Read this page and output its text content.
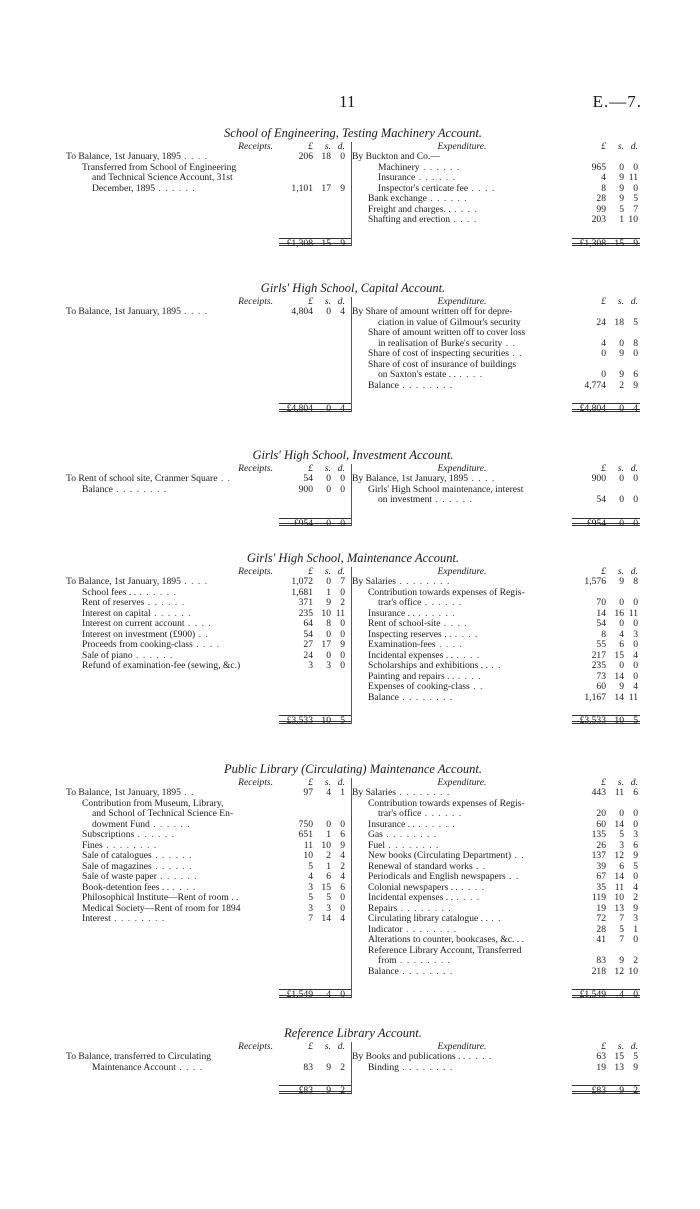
11	E.—7.
School of Engineering, Testing Machinery Account.
Receipts.	£	s. d.
To Balance, 1st January, 1895 . . . .	206 18 0
Transferred from School of Engineering
and Technical Science Account, 31st
December, 1895 . . . . . .	1,101 17 9
£1,308 15 9
Expenditure.	£	s. d.
By Buckton and Co.—
Machinery . . . . . .	965	0 0
Insurance . . . . . .	4	9 11
Inspector's certicate fee . . . .	8	9 0
Bank exchange . . . . . .	28	9 5
Freight and charges. . . . . .	99	5 7
Shafting and erection . . . .	203	1 10
£1,308 15 9
Girls' High School, Capital Account.
Receipts.	£	s. d.
To Balance, 1st January, 1895 . . . .	4,804	0 4
£4,804	0 4
Expenditure.	£	s. d.
By Share of amount written off for depre-
ciation in value of Gilmour's security	24 18 5
Share of amount written off to cover loss
in realisation of Burke's security . .	4	0 8
Share of cost of inspecting securities . .	0	9 0
Share of cost of insurance of buildings
on Saxton's estate . . . . . .	0	9 6
Balance . . . . . . . .	4,774	2 9
£4,804	0 4
Girls' High School, Investment Account.
Receipts.	£	s. d.
To Rent of school site, Cranmer Square . .	54	0 0
Balance . . . . . . . .	900	0 0
£954	0 0
Expenditure.	£	s. d.
By Balance, 1st January, 1895 . . . .	900	0 0
Girls' High School maintenance, interest
on investment . . . . . .	54	0 0
£954	0 0
Girls' High School, Maintenance Account.
Receipts.	£	s. d.
To Balance, 1st January, 1895 . . . .	1,072	0 7
School fees . . . . . . . .	1,681	1 0
Rent of reserves . . . . . .	371	9 2
Interest on capital . . . . . .	235 10 11
Interest on current account . . . .	64	8 0
Interest on investment (£900) . .	54	0 0
Proceeds from cooking-class . . . .	27 17 9
Sale of piano . . . . . .	24	0 0
Refund of examination-fee (sewing, &c.)	3	3 0
£3,533 10 5
Expenditure.	£	s. d.
By Salaries . . . . . . . .	1,576	9 8
Contribution towards expenses of Regis-
trar's office . . . . . .	70	0 0
Insurance . . . . . . . .	14 16 11
Rent of school-site . . . .	54	0 0
Inspecting reserves . . . . . .	8	4 3
Examination-fees . . . .	55	6 0
Incidental expenses . . . . . .	217 15 4
Scholarships and exhibitions . . . .	235	0 0
Painting and repairs . . . . . .	73 14 0
Expenses of cooking-class . .	60	9 4
Balance . . . . . . . .	1,167 14 11
£3,533 10 5
Public Library (Circulating) Maintenance Account.
Receipts.	£	s. d.
To Balance, 1st January, 1895 . .	97	4 1
Contribution from Museum, Library,
and School of Technical Science En-
dowment Fund . . . . . .	750	0 0
Subscriptions . . . . . .	651	1 6
Fines . . . . . . . .	11 10 9
Sale of catalogues . . . . . .	10	2 4
Sale of magazines . . . . . .	5	1 2
Sale of waste paper . . . . . .	4	6 4
Book-detention fees . . . . . .	3 15 6
Philosophical Institute—Rent of room . .	5	5 0
Medical Society—Rent of room for 1894	3	3 0
Interest . . . . . . . .	7 14 4
£1,549	4 0
Expenditure.	£	s. d.
By Salaries . . . . . . . .	443 11 6
Contribution towards expenses of Regis-
trar's office . . . . . .	20	0 0
Insurance . . . . . . . .	60 14 0
Gas . . . . . . . .	135	5 3
Fuel . . . . . . . .	26	3 6
New books (Circulating Department) . .	137 12 9
Renewal of standard works . .	39	6 5
Periodicals and English newspapers . .	67 14 0
Colonial newspapers . . . . . .	35 11 4
Incidental expenses . . . . . .	119 10 2
Repairs . . . . . . . .	19 13 9
Circulating library catalogue . . . .	72	7 3
Indicator . . . . . . . .	28	5 1
Alterations to counter, bookcases, &c. . .	41	7 0
Reference Library Account, Transferred
from . . . . . . . .	83	9 2
Balance . . . . . . . .	218 12 10
£1,549	4 0
Reference Library Account.
Receipts.	£	s. d.
To Balance, transferred to Circulating
Maintenance Account . . . .	83	9 2
£83	9 2
Expenditure.	£	s. d.
By Books and publications . . . . . .	63 15 5
Binding . . . . . . . .	19 13 9
£83	9 2
